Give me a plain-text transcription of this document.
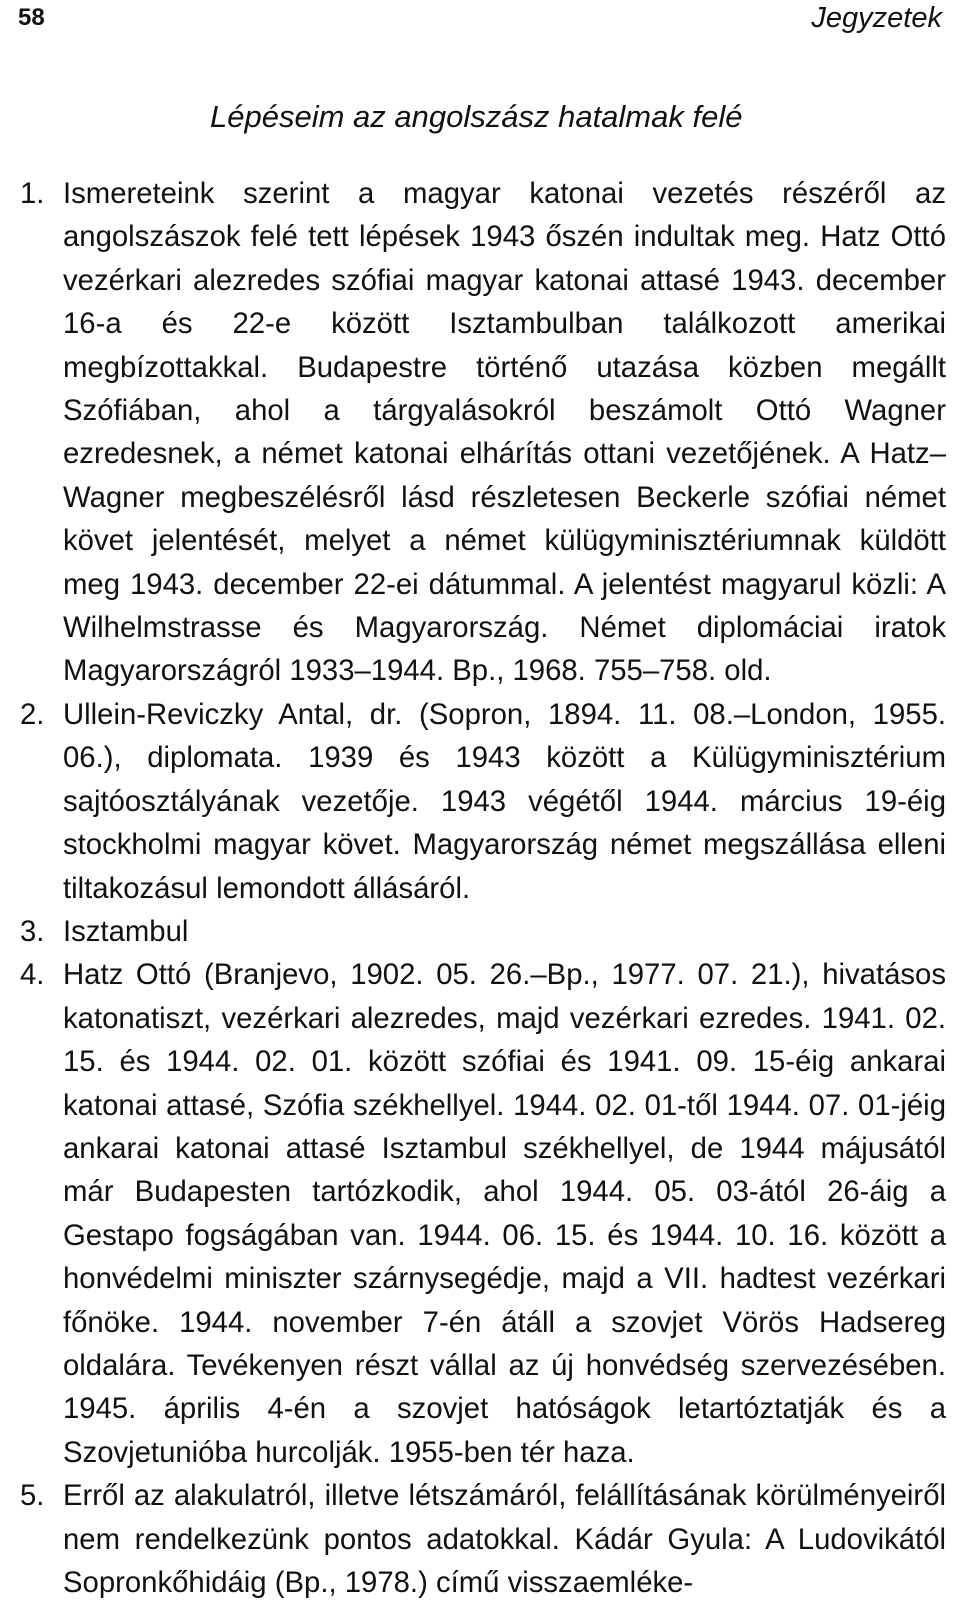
58	Jegyzetek
Lépéseim az angolszász hatalmak felé
1. Ismereteink szerint a magyar katonai vezetés részéről az angolszászok felé tett lépések 1943 őszén indultak meg. Hatz Ottó vezérkari alezredes szófiai magyar katonai attasé 1943. december 16-a és 22-e között Isztambulban találkozott amerikai megbízottakkal. Budapestre történő utazása közben megállt Szófiában, ahol a tárgyalásokról beszámolt Ottó Wagner ezredesnek, a német katonai elhárítás ottani vezetőjének. A Hatz–Wagner megbeszélésről lásd részletesen Beckerle szófiai német követ jelentését, melyet a német külügyminisztériumnak küldött meg 1943. december 22-ei dátummal. A jelentést magyarul közli: A Wilhelmstrasse és Magyarország. Német diplomáciai iratok Magyarországról 1933–1944. Bp., 1968. 755–758. old.
2. Ullein-Reviczky Antal, dr. (Sopron, 1894. 11. 08.–London, 1955. 06.), diplomata. 1939 és 1943 között a Külügyminisztérium sajtóosztályának vezetője. 1943 végétől 1944. március 19-éig stockholmi magyar követ. Magyarország német megszállása elleni tiltakozásul lemondott állásáról.
3. Isztambul
4. Hatz Ottó (Branjevo, 1902. 05. 26.–Bp., 1977. 07. 21.), hivatásos katonatiszt, vezérkari alezredes, majd vezérkari ezredes. 1941. 02. 15. és 1944. 02. 01. között szófiai és 1941. 09. 15-éig ankarai katonai attasé, Szófia székhellyel. 1944. 02. 01-től 1944. 07. 01-jéig ankarai katonai attasé Isztambul székhellyel, de 1944 májusától már Budapesten tartózkodik, ahol 1944. 05. 03-ától 26-áig a Gestapo fogságában van. 1944. 06. 15. és 1944. 10. 16. között a honvédelmi miniszter szárnysegédje, majd a VII. hadtest vezérkari főnöke. 1944. november 7-én átáll a szovjet Vörös Hadsereg oldalára. Tevékenyen részt vállal az új honvédség szervezésében. 1945. április 4-én a szovjet hatóságok letartóztatják és a Szovjetunióba hurcolják. 1955-ben tér haza.
5. Erről az alakulatról, illetve létszámáról, felállításának körülményeiről nem rendelkezünk pontos adatokkal. Kádár Gyula: A Ludovikától Sopronkőhidáig (Bp., 1978.) című visszaemléke-
